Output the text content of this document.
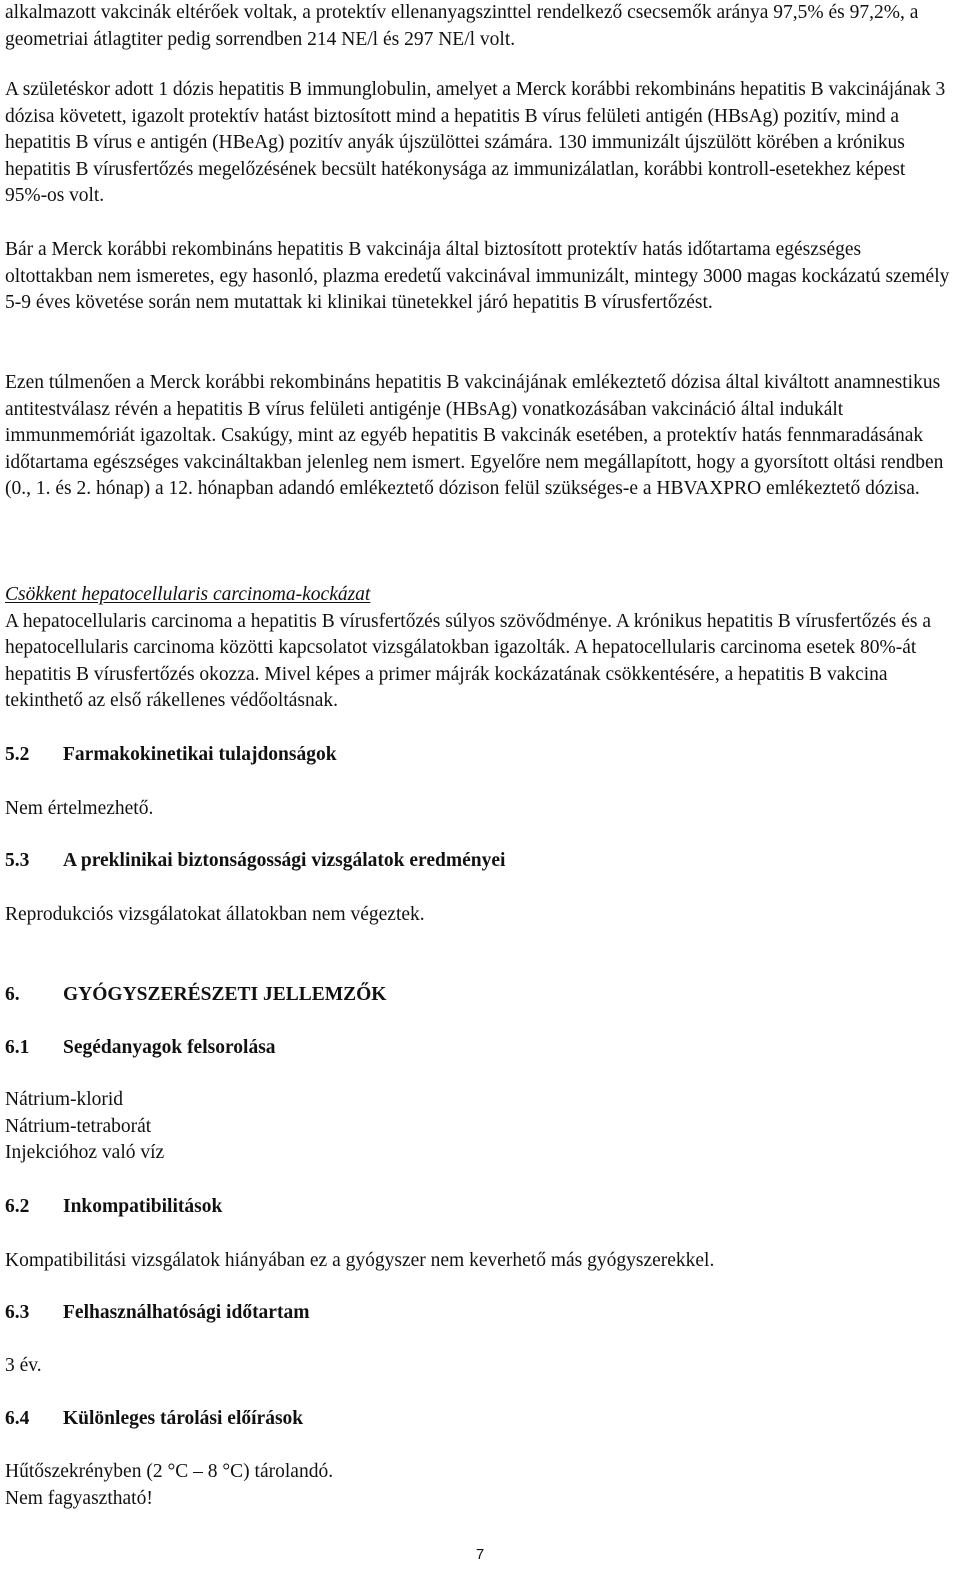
alkalmazott vakcinák eltérőek voltak, a protektív ellenanyagszinttel rendelkező csecsemők aránya 97,5% és 97,2%, a geometriai átlagtiter pedig sorrendben 214 NE/l és 297 NE/l volt.

A születéskor adott 1 dózis hepatitis B immunglobulin, amelyet a Merck korábbi rekombináns hepatitis B vakcinájának 3 dózisa követett, igazolt protektív hatást biztosított mind a hepatitis B vírus felületi antigén (HBsAg) pozitív, mind a hepatitis B vírus e antigén (HBeAg) pozitív anyák újszülöttei számára. 130 immunizált újszülött körében a krónikus hepatitis B vírusfertőzés megelőzésének becsült hatékonysága az immunizálatlan, korábbi kontroll-esetekhez képest 95%-os volt.

Bár a Merck korábbi rekombináns hepatitis B vakcinája által biztosított protektív hatás időtartama egészséges oltottakban nem ismeretes, egy hasonló, plazma eredetű vakcinával immunizált, mintegy 3000 magas kockázatú személy 5-9 éves követése során nem mutattak ki klinikai tünetekkel járó hepatitis B vírusfertőzést.

Ezen túlmenően a Merck korábbi rekombináns hepatitis B vakcinájának emlékeztető dózisa által kiváltott anamnestikus antitestválasz révén a hepatitis B vírus felületi antigénje (HBsAg) vonatkozásában vakcináció által indukált immunmemóriát igazoltak. Csakúgy, mint az egyéb hepatitis B vakcinák esetében, a protektív hatás fennmaradásának időtartama egészséges vakcináltakban jelenleg nem ismert. Egyelőre nem megállapított, hogy a gyorsított oltási rendben (0., 1. és 2. hónap) a 12. hónapban adandó emlékeztető dózison felül szükséges-e a HBVAXPRO emlékeztető dózisa.

Csökkent hepatocellularis carcinoma-kockázat

A hepatocellularis carcinoma a hepatitis B vírusfertőzés súlyos szövődménye. A krónikus hepatitis B vírusfertőzés és a hepatocellularis carcinoma közötti kapcsolatot vizsgálatokban igazolták. A hepatocellularis carcinoma esetek 80%-át hepatitis B vírusfertőzés okozza. Mivel képes a primer májrák kockázatának csökkentésére, a hepatitis B vakcina tekinthető az első rákellenes védőoltásnak.

5.2	Farmakokinetikai tulajdonságok

Nem értelmezhető.

5.3	A preklinikai biztonságossági vizsgálatok eredményei

Reprodukciós vizsgálatokat állatokban nem végeztek.

6.	GYÓGYSZERÉSZETI JELLEMZŐK
6.1	Segédanyagok felsorolása

Nátrium-klorid

Nátrium-tetraborát

Injekcióhoz való víz

6.2	Inkompatibilitások

Kompatibilitási vizsgálatok hiányában ez a gyógyszer nem keverhető más gyógyszerekkel.

6.3	Felhasználhatósági időtartam

3 év.

6.4	Különleges tárolási előírások

Hűtőszekrényben (2 °C – 8 °C) tárolandó.

Nem fagyasztható!

7
